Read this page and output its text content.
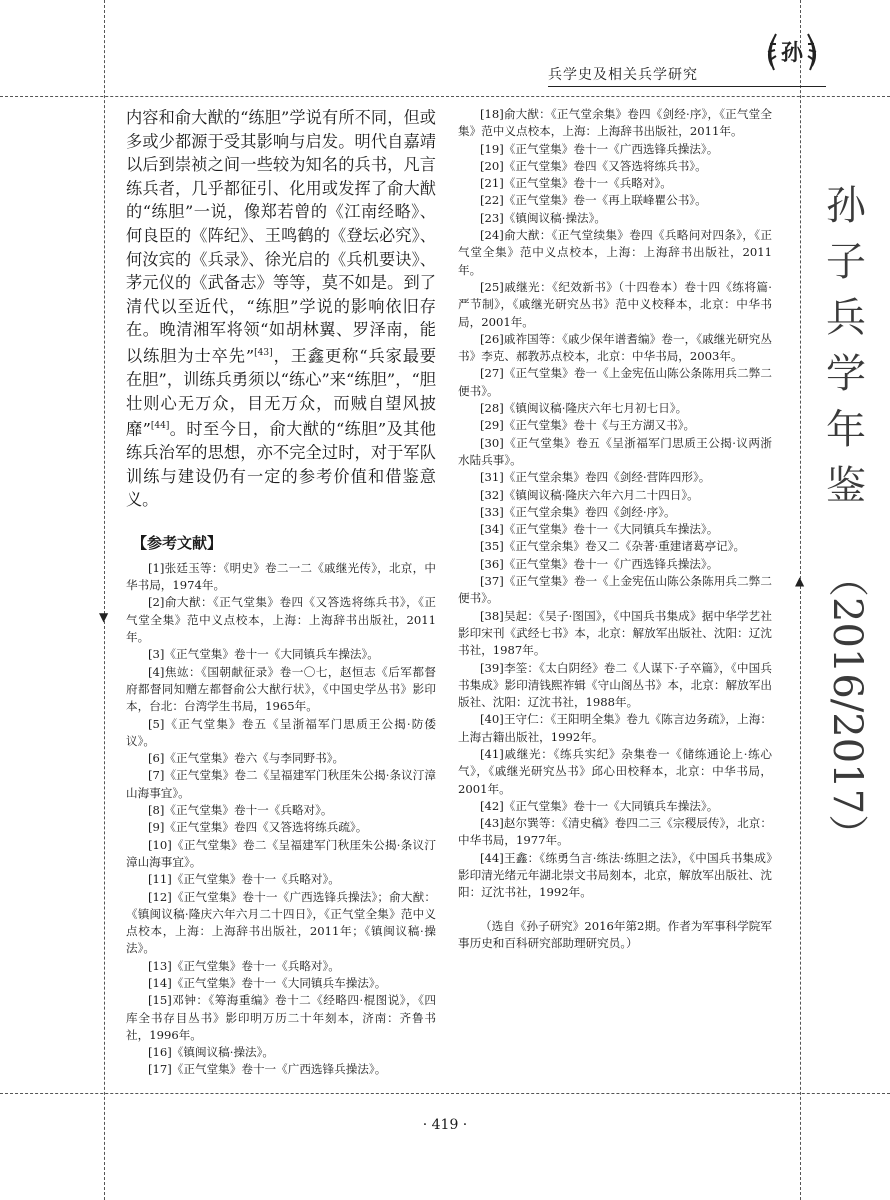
▼
▲
孙
兵学史及相关兵学研究
孙
子
兵
学
年
鉴
（2016/2017）

内容和俞大猷的“练胆”学说有所不同，但或多或少都源于受其影响与启发。明代自嘉靖以后到崇祯之间一些较为知名的兵书，凡言练兵者，几乎都征引、化用或发挥了俞大猷的“练胆”一说，像郑若曾的《江南经略》、何良臣的《阵纪》、王鸣鹤的《登坛必究》、何汝宾的《兵录》、徐光启的《兵机要诀》、茅元仪的《武备志》等等，莫不如是。到了清代以至近代，“练胆”学说的影响依旧存在。晚清湘军将领“如胡林翼、罗泽南，能以练胆为士卒先”[43]，王鑫更称“兵家最要在胆”，训练兵勇须以“练心”来“练胆”，“胆壮则心无万众，目无万众，而贼自望风披靡”[44]。时至今日，俞大猷的“练胆”及其他练兵治军的思想，亦不完全过时，对于军队训练与建设仍有一定的参考价值和借鉴意义。

【参考文献】

[1]张廷玉等：《明史》卷二一二《戚继光传》，北京，中华书局，1974年。

[2]俞大猷：《正气堂集》卷四《又答选将练兵书》，《正气堂全集》范中义点校本，上海：上海辞书出版社，2011年。

[3]《正气堂集》卷十一《大同镇兵车操法》。

[4]焦竑：《国朝献征录》卷一〇七，赵恒志《后军都督府都督同知赠左都督俞公大猷行状》，《中国史学丛书》影印本，台北：台湾学生书局，1965年。

[5]《正气堂集》卷五《呈浙福军门思质王公揭·防倭议》。

[6]《正气堂集》卷六《与李同野书》。

[7]《正气堂集》卷二《呈福建军门秋厓朱公揭·条议汀漳山海事宜》。

[8]《正气堂集》卷十一《兵略对》。

[9]《正气堂集》卷四《又答选将练兵疏》。

[10]《正气堂集》卷二《呈福建军门秋厓朱公揭·条议汀漳山海事宜》。

[11]《正气堂集》卷十一《兵略对》。

[12]《正气堂集》卷十一《广西选锋兵操法》；俞大猷：《镇闽议稿·隆庆六年六月二十四日》，《正气堂全集》范中义点校本，上海：上海辞书出版社，2011年；《镇闽议稿·操法》。

[13]《正气堂集》卷十一《兵略对》。

[14]《正气堂集》卷十一《大同镇兵车操法》。

[15]邓钟：《筹海重编》卷十二《经略四·棍图说》，《四库全书存目丛书》影印明万历二十年刻本，济南：齐鲁书社，1996年。

[16]《镇闽议稿·操法》。

[17]《正气堂集》卷十一《广西选锋兵操法》。

[18]俞大猷：《正气堂余集》卷四《剑经·序》，《正气堂全集》范中义点校本，上海：上海辞书出版社，2011年。

[19]《正气堂集》卷十一《广西选锋兵操法》。

[20]《正气堂集》卷四《又答选将练兵书》。

[21]《正气堂集》卷十一《兵略对》。

[22]《正气堂集》卷一《再上联峰瞿公书》。

[23]《镇闽议稿·操法》。

[24]俞大猷：《正气堂续集》卷四《兵略问对四条》，《正气堂全集》范中义点校本，上海：上海辞书出版社，2011年。

[25]戚继光：《纪效新书》（十四卷本）卷十四《练将篇·严节制》，《戚继光研究丛书》范中义校释本，北京：中华书局，2001年。

[26]戚祚国等：《戚少保年谱耆编》卷一，《戚继光研究丛书》李克、郝教苏点校本，北京：中华书局，2003年。

[27]《正气堂集》卷一《上金宪伍山陈公条陈用兵二弊二便书》。

[28]《镇闽议稿·隆庆六年七月初七日》。

[29]《正气堂集》卷十《与王方湖又书》。

[30]《正气堂集》卷五《呈浙福军门思质王公揭·议两浙水陆兵事》。

[31]《正气堂余集》卷四《剑经·营阵四形》。

[32]《镇闽议稿·隆庆六年六月二十四日》。

[33]《正气堂余集》卷四《剑经·序》。

[34]《正气堂集》卷十一《大同镇兵车操法》。

[35]《正气堂余集》卷又二《杂著·重建诸葛亭记》。

[36]《正气堂集》卷十一《广西选锋兵操法》。

[37]《正气堂集》卷一《上金宪伍山陈公条陈用兵二弊二便书》。

[38]吴起：《吴子·图国》，《中国兵书集成》据中华学艺社影印宋刊《武经七书》本，北京：解放军出版社、沈阳：辽沈书社，1987年。

[39]李筌：《太白阴经》卷二《人谋下·子卒篇》，《中国兵书集成》影印清钱熙祚辑《守山阁丛书》本，北京：解放军出版社、沈阳：辽沈书社，1988年。

[40]王守仁：《王阳明全集》卷九《陈言边务疏》，上海：上海古籍出版社，1992年。

[41]戚继光：《练兵实纪》杂集卷一《储练通论上·练心气》，《戚继光研究丛书》邱心田校释本，北京：中华书局，2001年。

[42]《正气堂集》卷十一《大同镇兵车操法》。

[43]赵尔巽等：《清史稿》卷四二三《宗稷辰传》，北京：中华书局，1977年。

[44]王鑫：《练勇刍言·练法·练胆之法》，《中国兵书集成》影印清光绪元年湖北崇文书局刻本，北京，解放军出版社、沈阳：辽沈书社，1992年。

（选自《孙子研究》2016年第2期。作者为军事科学院军事历史和百科研究部助理研究员。）

· 419 ·
